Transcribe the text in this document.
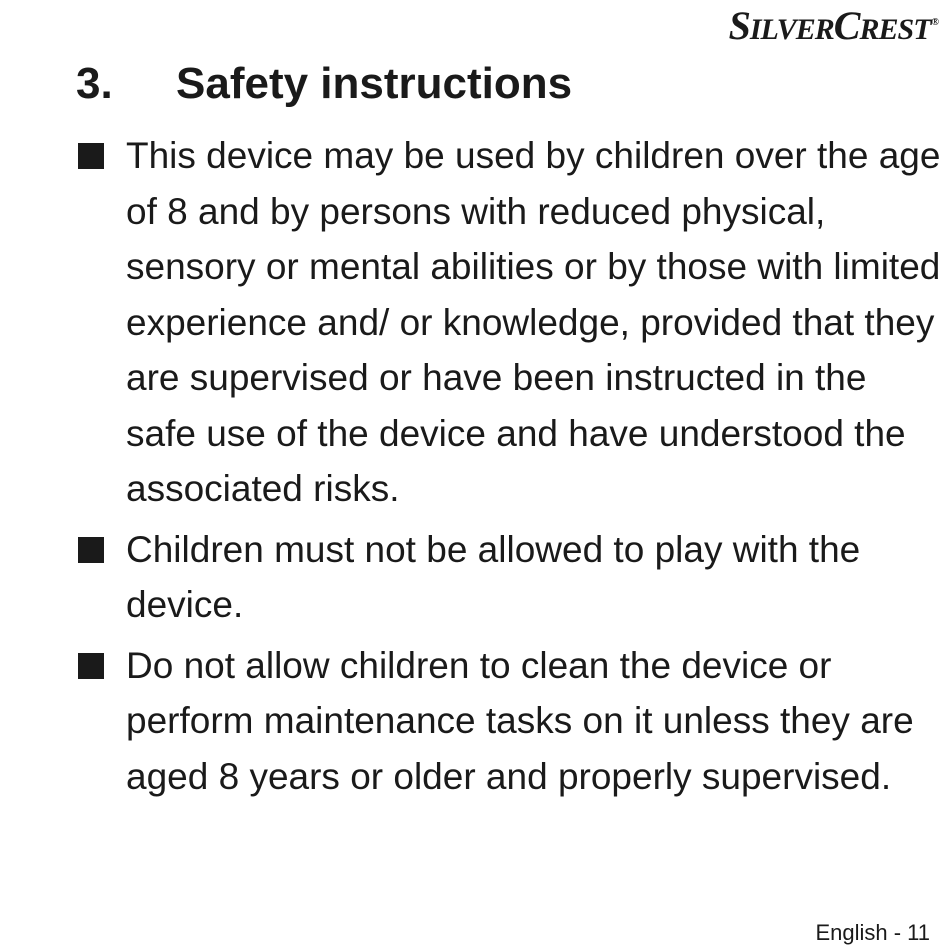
SILVERCREST®
3. Safety instructions
This device may be used by children over the age of 8 and by persons with reduced physical, sensory or mental abilities or by those with limited experience and/ or knowledge, provided that they are supervised or have been instructed in the safe use of the device and have understood the associated risks.
Children must not be allowed to play with the device.
Do not allow children to clean the device or perform maintenance tasks on it unless they are aged 8 years or older and properly supervised.
English - 11
